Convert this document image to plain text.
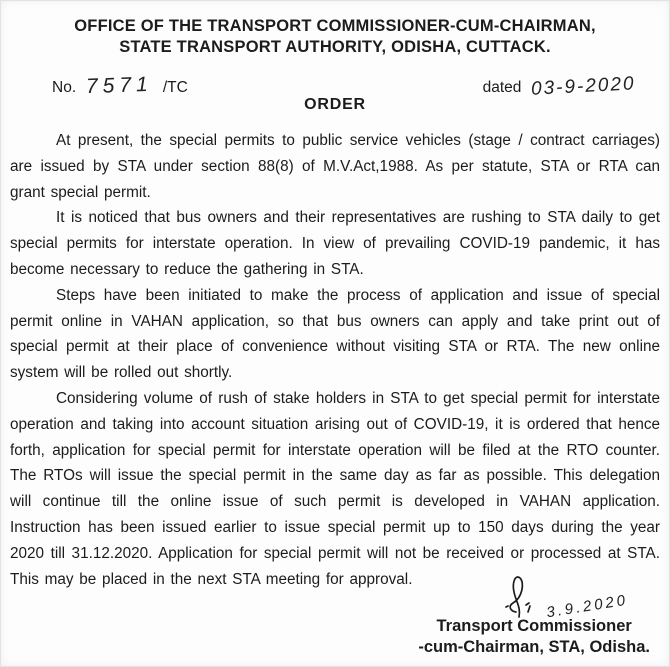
OFFICE OF THE TRANSPORT COMMISSIONER-CUM-CHAIRMAN,
STATE TRANSPORT AUTHORITY, ODISHA, CUTTACK.
No. 7571 /TC	dated 03-9-2020
ORDER

At present, the special permits to public service vehicles (stage / contract carriages) are issued by STA under section 88(8) of M.V.Act,1988. As per statute, STA or RTA can grant special permit.

It is noticed that bus owners and their representatives are rushing to STA daily to get special permits for interstate operation. In view of prevailing COVID-19 pandemic, it has become necessary to reduce the gathering in STA.

Steps have been initiated to make the process of application and issue of special permit online in VAHAN application, so that bus owners can apply and take print out of special permit at their place of convenience without visiting STA or RTA. The new online system will be rolled out shortly.

Considering volume of rush of stake holders in STA to get special permit for interstate operation and taking into account situation arising out of COVID-19, it is ordered that hence forth, application for special permit for interstate operation will be filed at the RTO counter. The RTOs will issue the special permit in the same day as far as possible. This delegation will continue till the online issue of such permit is developed in VAHAN application. Instruction has been issued earlier to issue special permit up to 150 days during the year 2020 till 31.12.2020. Application for special permit will not be received or processed at STA. This may be placed in the next STA meeting for approval.

3.9.2020
Transport Commissioner
-cum-Chairman, STA, Odisha.
